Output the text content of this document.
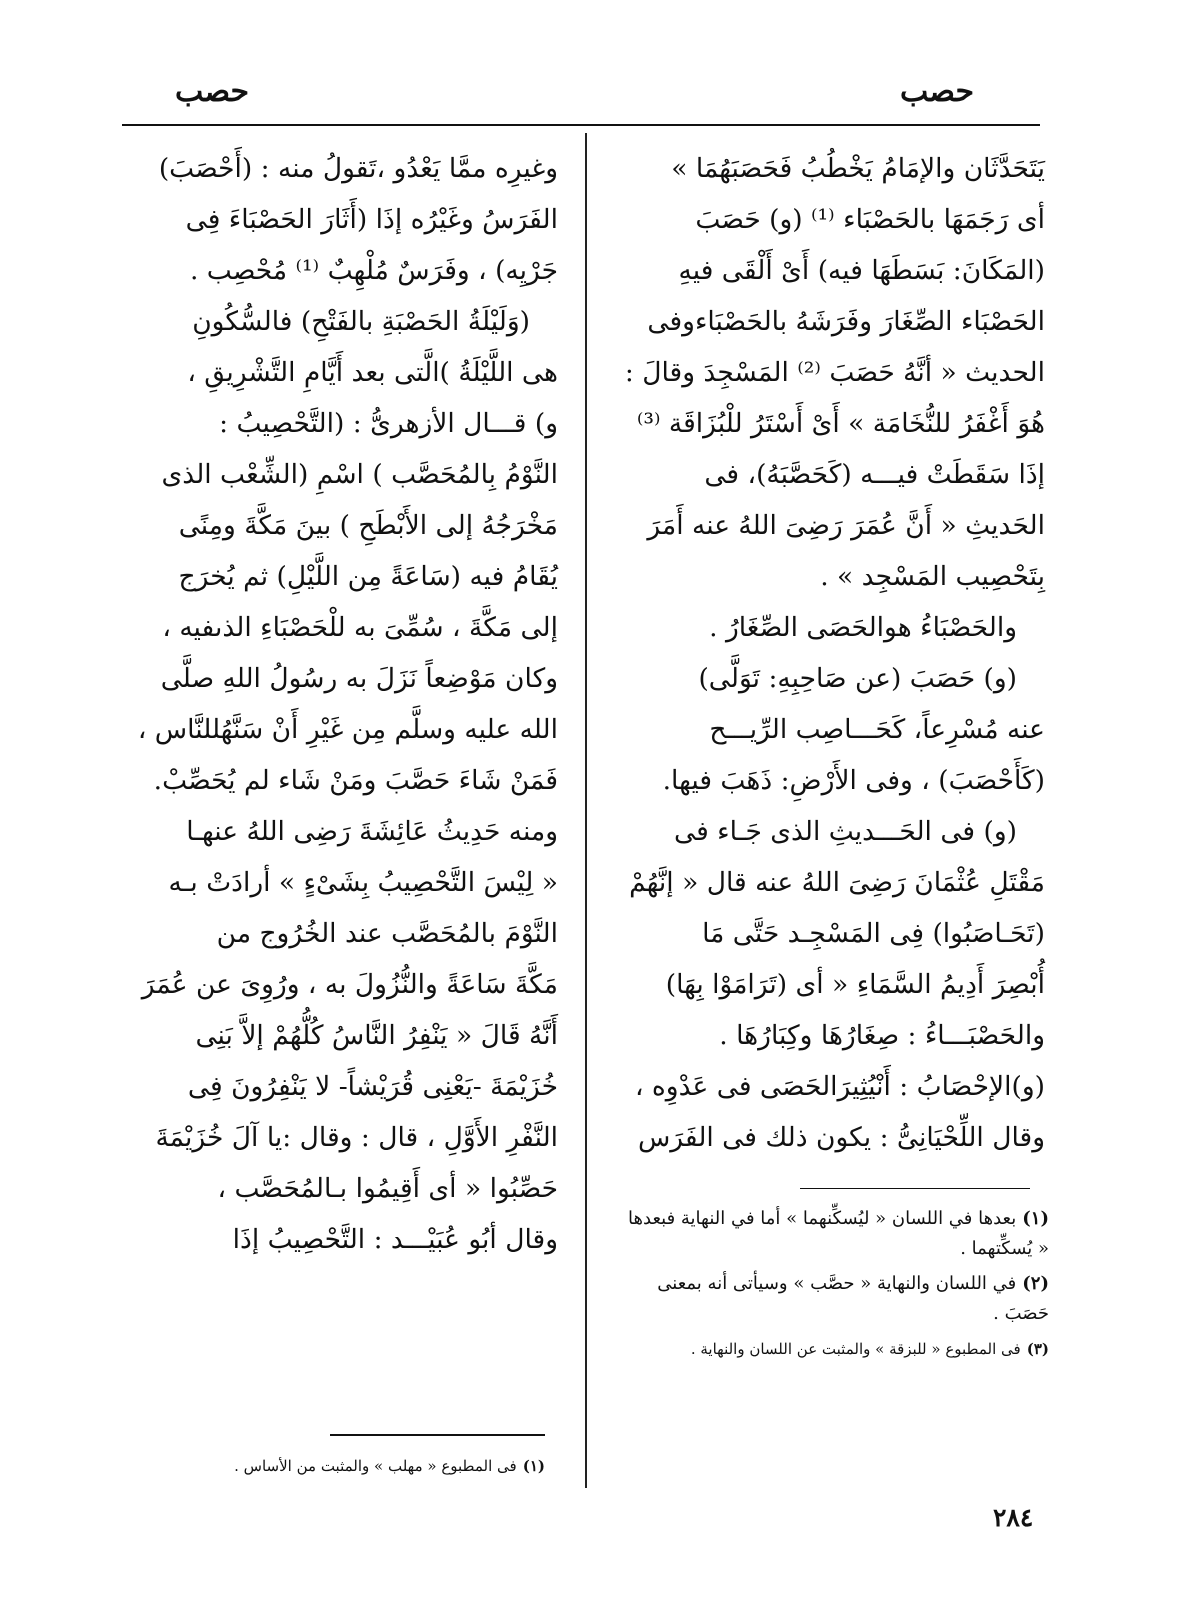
حصب
حصب

يَتَحَدَّثَان والإمَامُ يَخْطُبُ فَحَصَبَهُمَا »

أى رَجَمَهَا بالحَصْبَاء ⁽¹⁾ (و) حَصَبَ

(المَكَانَ: بَسَطَهَا فيه) أَىْ أَلْقَى فيهِ

الحَصْبَاء الصِّغَارَ وفَرَشَهُ بالحَصْبَاءوفى

الحديث « أنَّهُ حَصَبَ ⁽²⁾ المَسْجِدَ وقالَ :

هُوَ أَغْفَرُ للنُّخَامَة » أَىْ أَسْتَرُ للْبُزَاقَة ⁽³⁾

إذَا سَقَطَتْ فيـــه (كَحَصَّبَهُ)، فى

الحَديثِ « أَنَّ عُمَرَ رَضِىَ اللهُ عنه أَمَرَ

بِتَحْصِيب المَسْجِد » .

والحَصْبَاءُ هوالحَصَى الصِّغَارُ .

(و) حَصَبَ (عن صَاحِبِهِ: تَوَلَّى)

عنه مُسْرِعاً، كَحَـــاصِب الرِّيـــح

(كَأَحْصَبَ) ، وفى الأَرْضِ: ذَهَبَ فيها.

(و) فى الحَـــديثِ الذى جَـاء فى

مَقْتَلِ عُثْمَانَ رَضِىَ اللهُ عنه قال « إنَّهُمْ

(تَحَـاصَبُوا) فِى المَسْجِـد حَتَّى مَا

أُبْصِرَ أَدِيمُ السَّمَاءِ « أى (تَرَامَوْا بِهَا)

والحَصْبَـــاءُ : صِغَارُهَا وكِبَارُهَا .

(و)الإحْصَابُ : أَنْيُثِيرَالحَصَى فى عَدْوِه ،

وقال اللِّحْيَانِىُّ : يكون ذلك فى الفَرَس

وغيرِه ممَّا يَعْدُو ،تَقولُ منه : (أَحْصَبَ)

الفَرَسُ وغَيْرُه إذَا (أَثَارَ الحَصْبَاءَ فِى

جَرْيِه) ، وفَرَسٌ مُلْهِبٌ ⁽¹⁾ مُحْصِب .

(وَلَيْلَةُ الحَصْبَةِ بالفَتْحِ) فالسُّكُونِ

هى اللَّيْلَةُ )الَّتى بعد أَيَّامِ التَّشْرِيقِ ،

و) قـــال الأزهرىُّ : (التَّحْصِيبُ :

النَّوْمُ بِالمُحَصَّب ) اسْمِ (الشِّعْب الذى

مَخْرَجُهُ إلى الأَبْطَحِ ) بينَ مَكَّةَ ومِنًى

يُقَامُ فيه (سَاعَةً مِن اللَّيْلِ) ثم يُخرَج

إلى مَكَّةَ ، سُمِّىَ به للْحَصْبَاءِ الذىفيه ،

وكان مَوْضِعاً نَزَلَ به رسُولُ اللهِ صلَّى

الله عليه وسلَّم مِن غَيْرِ أَنْ سَنَّهُللنَّاس ،

فَمَنْ شَاءَ حَصَّبَ ومَنْ شَاء لم يُحَصِّبْ.

ومنه حَدِيثُ عَائِشَةَ رَضِى اللهُ عنهـا

« لِيْسَ التَّحْصِيبُ بِشَىْءٍ » أرادَتْ بـه

النَّوْمَ بالمُحَصَّب عند الخُرُوج من

مَكَّةَ سَاعَةً والنُّزُولَ به ، ورُوِىَ عن عُمَرَ

أَنَّهُ قَالَ « يَنْفِرُ النَّاسُ كُلُّهُمْ إلاَّ بَنِى

خُزَيْمَةَ -يَعْنِى قُرَيْشاً- لا يَنْفِرُونَ فِى

النَّفْرِ الأَوَّلِ ، قال : وقال :يا آلَ خُزَيْمَةَ

حَصِّبُوا « أى أَقِيمُوا بـالمُحَصَّب ،

وقال أبُو عُبَيْـــد : التَّحْصِيبُ إذَا

(١)بعدها في اللسان « ليُسكِّنهما » أما في النهاية فبعدها « يُسكِّتهما .

(٢)في اللسان والنهاية « حصَّب » وسيأتى أنه بمعنى حَصَبَ .

(٣)فى المطبوع « للبزقة » والمثبت عن اللسان والنهاية .

(١)فى المطبوع « مهلب » والمثبت من الأساس .

٢٨٤
